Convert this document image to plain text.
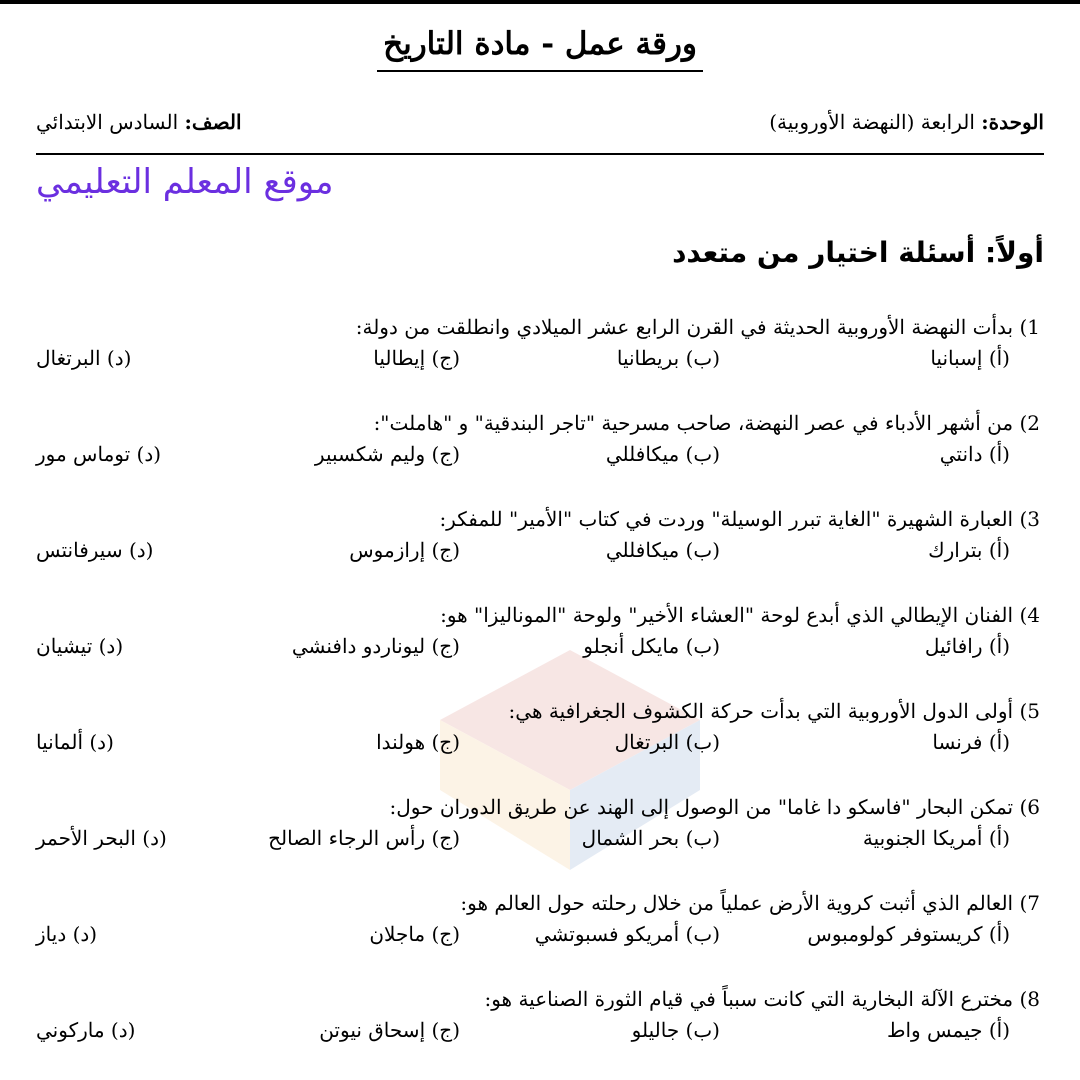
ورقة عمل - مادة التاريخ
الوحدة: الرابعة (النهضة الأوروبية)
الصف: السادس الابتدائي
موقع المعلم التعليمي
أولاً: أسئلة اختيار من متعدد
1) بدأت النهضة الأوروبية الحديثة في القرن الرابع عشر الميلادي وانطلقت من دولة:
(أ) إسبانيا
(ب) بريطانيا
(ج) إيطاليا
(د) البرتغال
2) من أشهر الأدباء في عصر النهضة، صاحب مسرحية "تاجر البندقية" و "هاملت":
(أ) دانتي
(ب) ميكافللي
(ج) وليم شكسبير
(د) توماس مور
3) العبارة الشهيرة "الغاية تبرر الوسيلة" وردت في كتاب "الأمير" للمفكر:
(أ) بترارك
(ب) ميكافللي
(ج) إرازموس
(د) سيرفانتس
4) الفنان الإيطالي الذي أبدع لوحة "العشاء الأخير" ولوحة "الموناليزا" هو:
(أ) رافائيل
(ب) مايكل أنجلو
(ج) ليوناردو دافنشي
(د) تيشيان
5) أولى الدول الأوروبية التي بدأت حركة الكشوف الجغرافية هي:
(أ) فرنسا
(ب) البرتغال
(ج) هولندا
(د) ألمانيا
6) تمكن البحار "فاسكو دا غاما" من الوصول إلى الهند عن طريق الدوران حول:
(أ) أمريكا الجنوبية
(ب) بحر الشمال
(ج) رأس الرجاء الصالح
(د) البحر الأحمر
7) العالم الذي أثبت كروية الأرض عملياً من خلال رحلته حول العالم هو:
(أ) كريستوفر كولومبوس
(ب) أمريكو فسبوتشي
(ج) ماجلان
(د) دياز
8) مخترع الآلة البخارية التي كانت سبباً في قيام الثورة الصناعية هو:
(أ) جيمس واط
(ب) جاليلو
(ج) إسحاق نيوتن
(د) ماركوني
